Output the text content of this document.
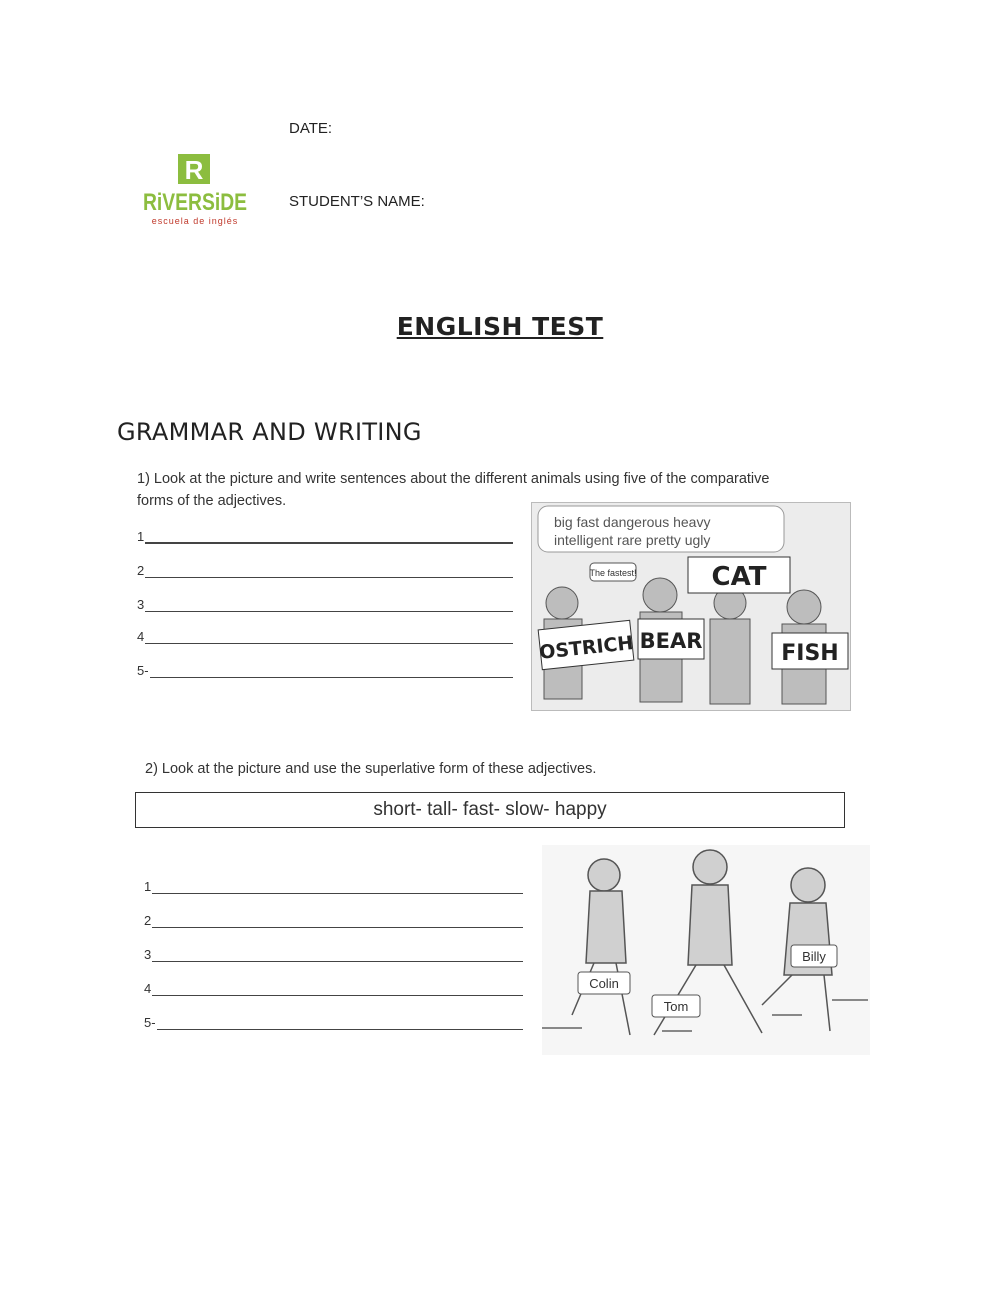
DATE:
STUDENT’S NAME:
R
RiVERSiDE
escuela de inglés
ENGLISH TEST
GRAMMAR AND WRITING
1) Look at the picture and write sentences about the different animals using five of the comparative
forms of the adjectives.
1
2
3
4
5-
big fast dangerous heavy
intelligent rare pretty ugly
The fastest!
OSTRICH BEAR
CAT
FISH
2) Look at the picture and use the superlative form of these adjectives.
short- tall- fast- slow- happy
1
2
3
4
5-
Colin
Tom
Billy
